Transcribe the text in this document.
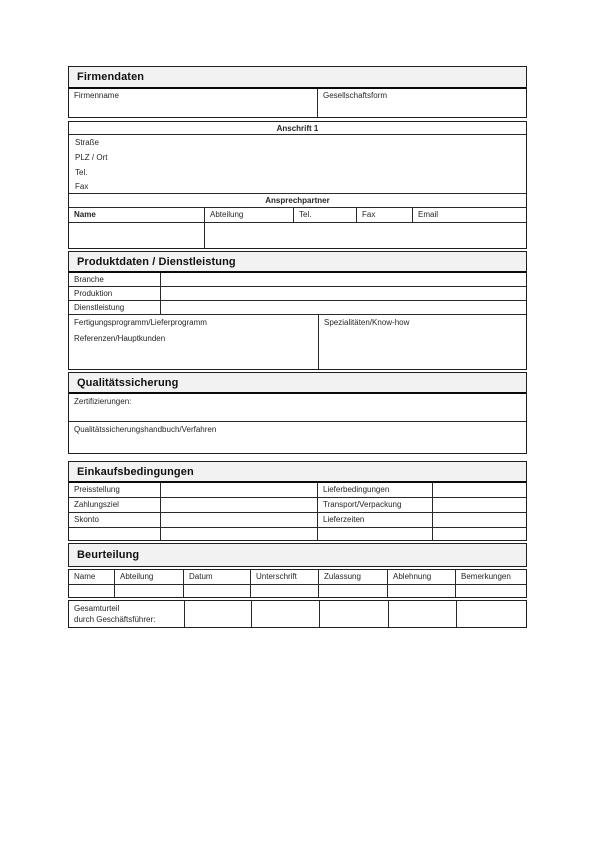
Firmendaten
Firmenname	Gesellschaftsform
Anschrift 1
Straße
PLZ / Ort
Tel.
Fax
Ansprechpartner
Name	Abteilung	Tel.	Fax	Email
Produktdaten / Dienstleistung
Branche
Produktion
Dienstleistung
Fertigungsprogramm/Lieferprogramm
Referenzen/Hauptkunden
Spezialitäten/Know-how
Qualitätssicherung
Zertifizierungen:
Qualitätssicherungshandbuch/Verfahren
Einkaufsbedingungen
Preisstellung	Lieferbedingungen
Zahlungsziel	Transport/Verpackung
Skonto	Lieferzeiten
Beurteilung
Name	Abteilung	Datum	Unterschrift	Zulassung	Ablehnung	Bemerkungen
Gesamturteil
durch Geschäftsführer:
